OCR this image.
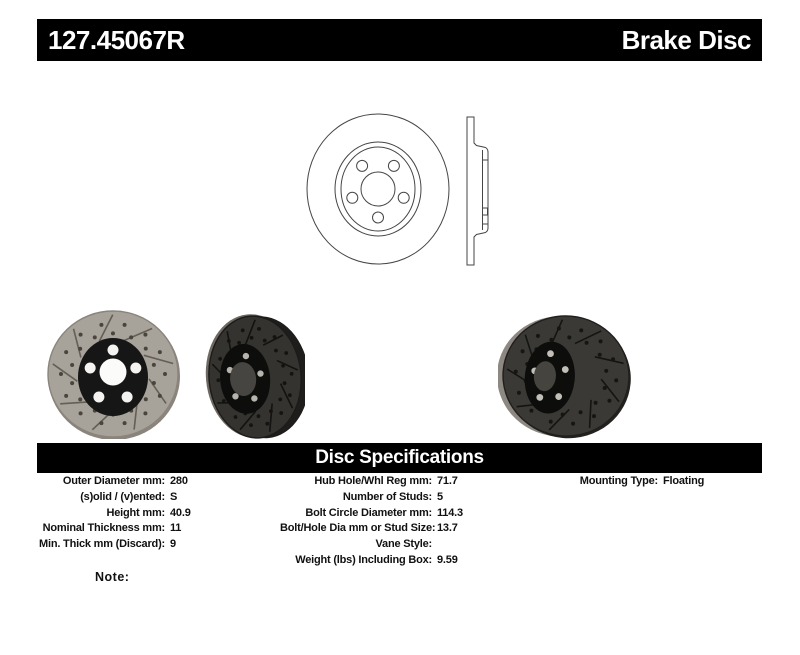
127.45067R	Brake Disc
Disc Specifications
Outer Diameter mm: 280
(s)olid / (v)ented: S
Height mm: 40.9
Nominal Thickness mm: 11
Min. Thick mm (Discard): 9
Hub Hole/Whl Reg mm: 71.7
Number of Studs: 5
Bolt Circle Diameter mm: 114.3
Bolt/Hole Dia mm or Stud Size: 13.7
Vane Style:
Weight (lbs) Including Box: 9.59
Mounting Type: Floating
Note:
